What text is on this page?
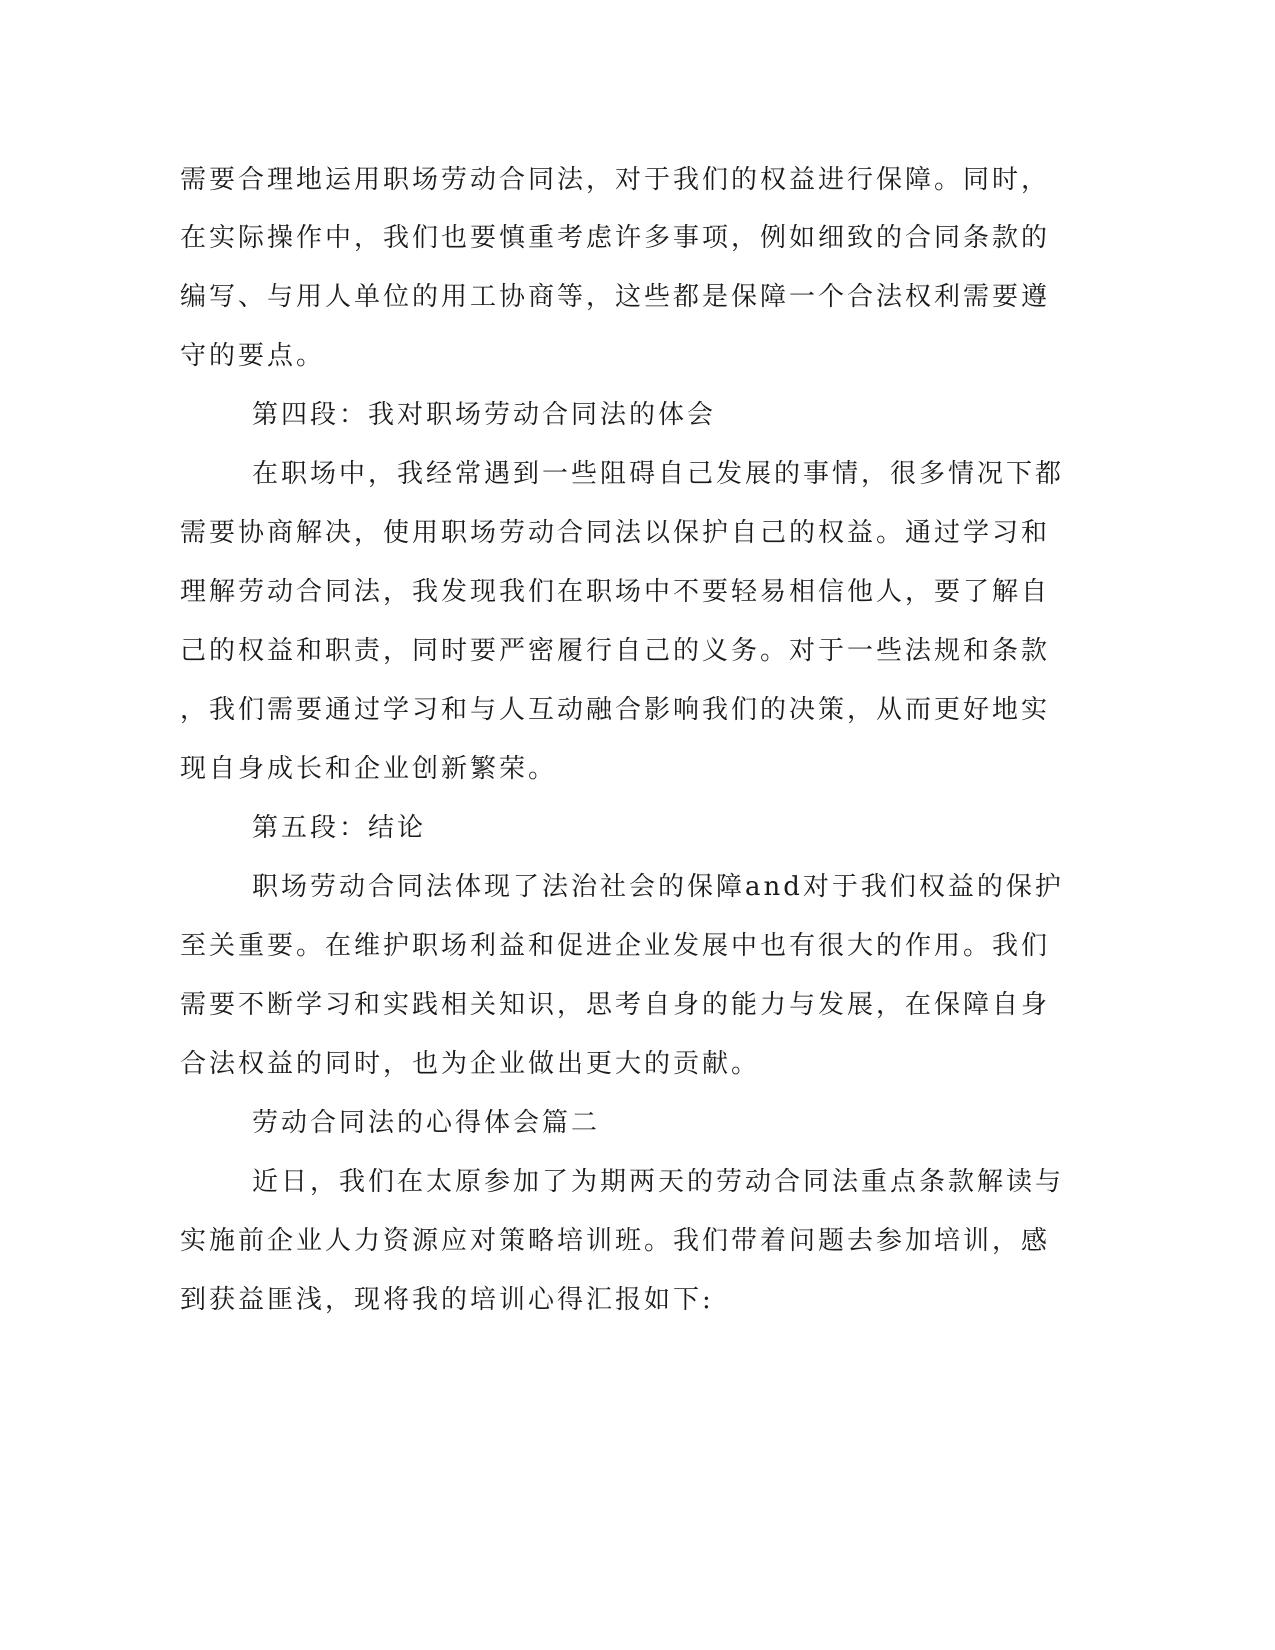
需要合理地运用职场劳动合同法，对于我们的权益进行保障。同时，
在实际操作中，我们也要慎重考虑许多事项，例如细致的合同条款的
编写、与用人单位的用工协商等，这些都是保障一个合法权利需要遵
守的要点。
第四段：我对职场劳动合同法的体会
在职场中，我经常遇到一些阻碍自己发展的事情，很多情况下都
需要协商解决，使用职场劳动合同法以保护自己的权益。通过学习和
理解劳动合同法，我发现我们在职场中不要轻易相信他人，要了解自
己的权益和职责，同时要严密履行自己的义务。对于一些法规和条款
，我们需要通过学习和与人互动融合影响我们的决策，从而更好地实
现自身成长和企业创新繁荣。
第五段：结论
职场劳动合同法体现了法治社会的保障and对于我们权益的保护
至关重要。在维护职场利益和促进企业发展中也有很大的作用。我们
需要不断学习和实践相关知识，思考自身的能力与发展，在保障自身
合法权益的同时，也为企业做出更大的贡献。
劳动合同法的心得体会篇二
近日，我们在太原参加了为期两天的劳动合同法重点条款解读与
实施前企业人力资源应对策略培训班。我们带着问题去参加培训，感
到获益匪浅，现将我的培训心得汇报如下:
